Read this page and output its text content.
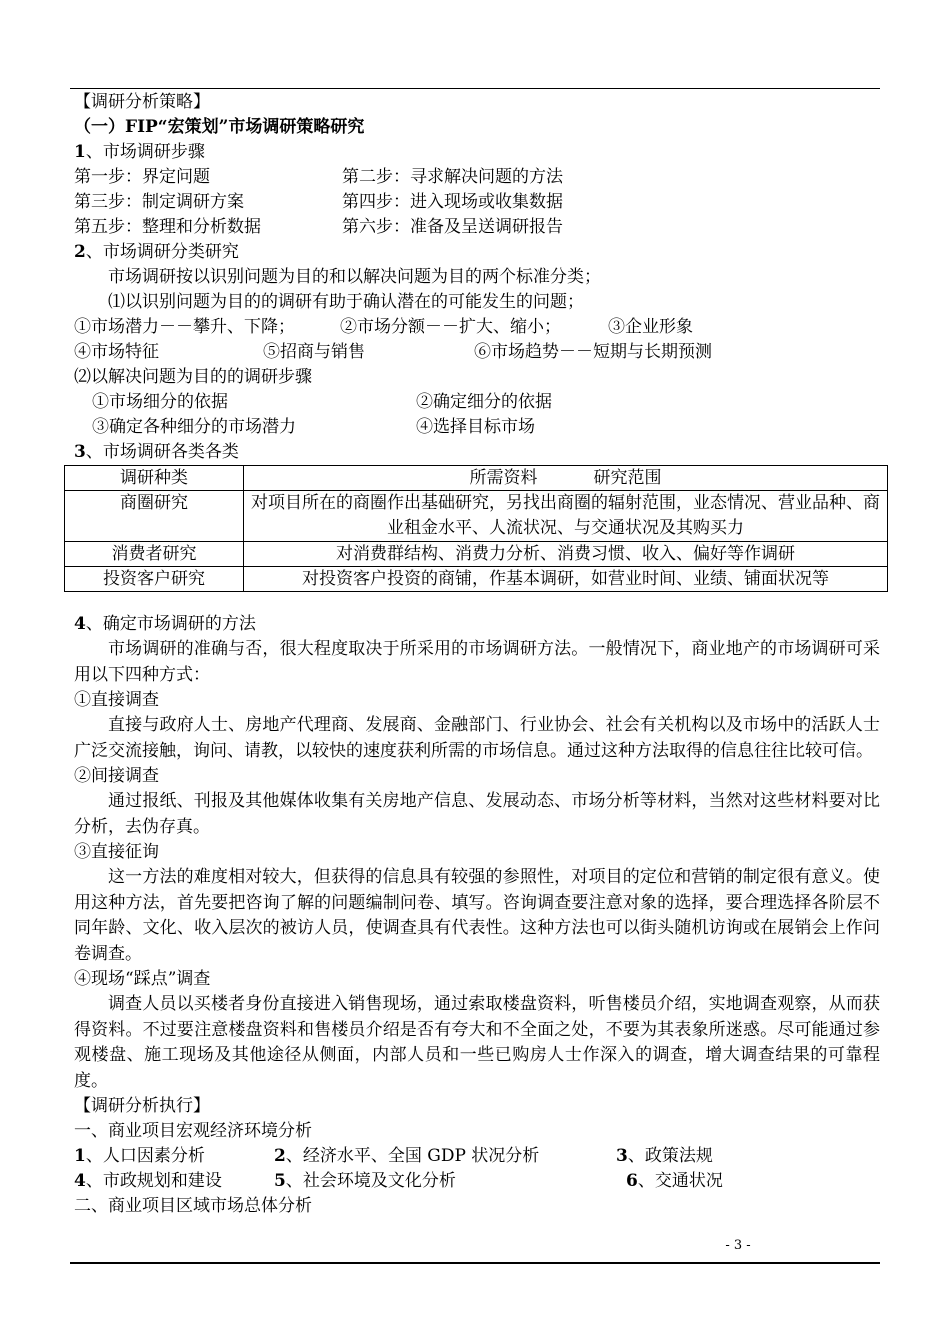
【调研分析策略】
（一）FIP“宏策划”市场调研策略研究
1、市场调研步骤
第一步：界定问题	第二步：寻求解决问题的方法
第三步：制定调研方案	第四步：进入现场或收集数据
第五步：整理和分析数据	第六步：准备及呈送调研报告
2、市场调研分类研究
市场调研按以识别问题为目的和以解决问题为目的两个标准分类；
⑴以识别问题为目的的调研有助于确认潜在的可能发生的问题；
①市场潜力－－攀升、下降；	②市场分额－－扩大、缩小；	③企业形象
④市场特征	⑤招商与销售	⑥市场趋势－－短期与长期预测
⑵以解决问题为目的的调研步骤
①市场细分的依据	②确定细分的依据
③确定各种细分的市场潜力	④选择目标市场
3、市场调研各类各类
调研种类	所需资料 研究范围
商圈研究	对项目所在的商圈作出基础研究，另找出商圈的辐射范围，业态情况、营业品种、商业租金水平、人流状况、与交通状况及其购买力
消费者研究	对消费群结构、消费力分析、消费习惯、收入、偏好等作调研
投资客户研究	对投资客户投资的商铺，作基本调研，如营业时间、业绩、铺面状况等
4、确定市场调研的方法
市场调研的准确与否，很大程度取决于所采用的市场调研方法。一般情况下，商业地产的市场调研可采用以下四种方式：
①直接调查
直接与政府人士、房地产代理商、发展商、金融部门、行业协会、社会有关机构以及市场中的活跃人士广泛交流接触，询问、请教，以较快的速度获利所需的市场信息。通过这种方法取得的信息往往比较可信。
②间接调查
通过报纸、刊报及其他媒体收集有关房地产信息、发展动态、市场分析等材料，当然对这些材料要对比分析，去伪存真。
③直接征询
这一方法的难度相对较大，但获得的信息具有较强的参照性，对项目的定位和营销的制定很有意义。使用这种方法，首先要把咨询了解的问题编制问卷、填写。咨询调查要注意对象的选择，要合理选择各阶层不同年龄、文化、收入层次的被访人员，使调查具有代表性。这种方法也可以街头随机访询或在展销会上作问卷调查。
④现场“踩点”调查
调查人员以买楼者身份直接进入销售现场，通过索取楼盘资料，听售楼员介绍，实地调查观察，从而获得资料。不过要注意楼盘资料和售楼员介绍是否有夸大和不全面之处，不要为其表象所迷惑。尽可能通过参观楼盘、施工现场及其他途径从侧面，内部人员和一些已购房人士作深入的调查，增大调查结果的可靠程度。
【调研分析执行】
一、商业项目宏观经济环境分析
1、人口因素分析	2、经济水平、全国 GDP 状况分析	3、政策法规
4、市政规划和建设	5、社会环境及文化分析	6、交通状况
二、商业项目区域市场总体分析
- 3 -
